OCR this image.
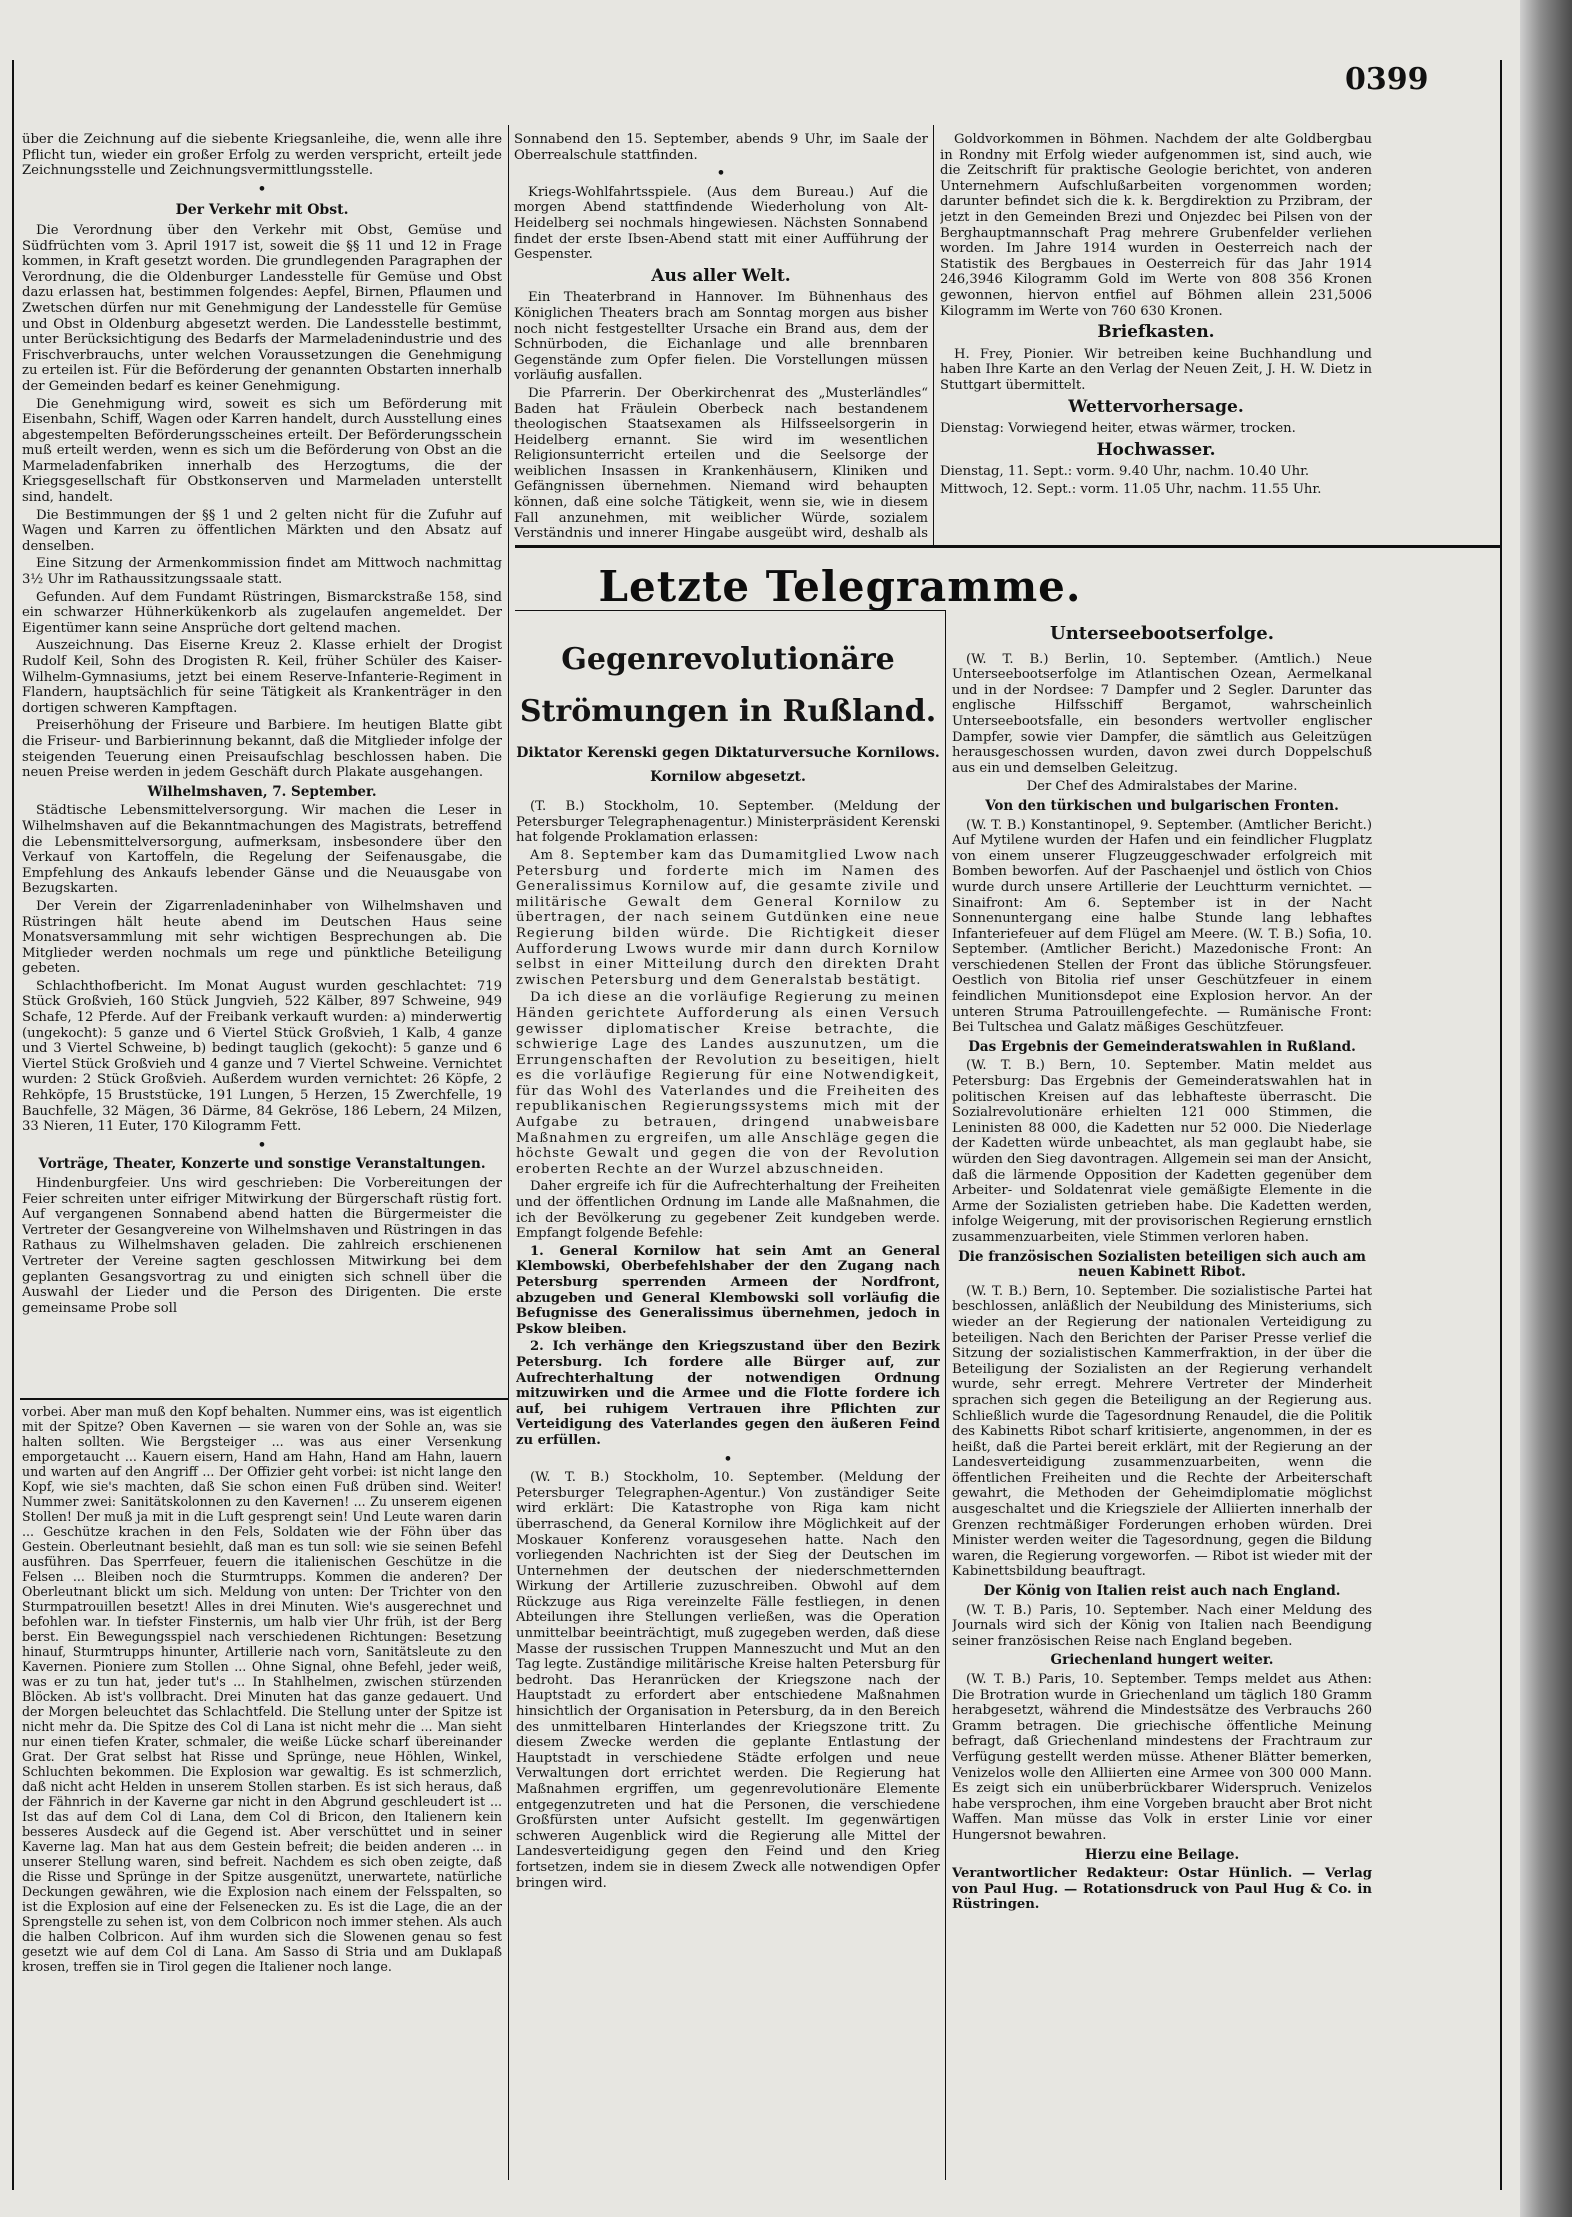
0399

über die Zeichnung auf die siebente Kriegsanleihe, die, wenn alle ihre Pflicht tun, wieder ein großer Erfolg zu werden verspricht, erteilt jede Zeichnungsstelle und Zeichnungsvermittlungsstelle.

•
Der Verkehr mit Obst.

Die Verordnung über den Verkehr mit Obst, Gemüse und Südfrüchten vom 3. April 1917 ist, soweit die §§ 11 und 12 in Frage kommen, in Kraft gesetzt worden. Die grundlegenden Paragraphen der Verordnung, die die Oldenburger Landesstelle für Gemüse und Obst dazu erlassen hat, bestimmen folgendes: Aepfel, Birnen, Pflaumen und Zwetschen dürfen nur mit Genehmigung der Landesstelle für Gemüse und Obst in Oldenburg abgesetzt werden. Die Landesstelle bestimmt, unter Berücksichtigung des Bedarfs der Marmeladenindustrie und des Frischverbrauchs, unter welchen Voraussetzungen die Genehmigung zu erteilen ist. Für die Beförderung der genannten Obstarten innerhalb der Gemeinden bedarf es keiner Genehmigung.

Die Genehmigung wird, soweit es sich um Beförderung mit Eisenbahn, Schiff, Wagen oder Karren handelt, durch Ausstellung eines abgestempelten Beförderungsscheines erteilt. Der Beförderungsschein muß erteilt werden, wenn es sich um die Beförderung von Obst an die Marmeladenfabriken innerhalb des Herzogtums, die der Kriegsgesellschaft für Obstkonserven und Marmeladen unterstellt sind, handelt.

Die Bestimmungen der §§ 1 und 2 gelten nicht für die Zufuhr auf Wagen und Karren zu öffentlichen Märkten und den Absatz auf denselben.

Eine Sitzung der Armenkommission findet am Mittwoch nachmittag 3½ Uhr im Rathaussitzungssaale statt.

Gefunden. Auf dem Fundamt Rüstringen, Bismarckstraße 158, sind ein schwarzer Hühnerkükenkorb als zugelaufen angemeldet. Der Eigentümer kann seine Ansprüche dort geltend machen.

Auszeichnung. Das Eiserne Kreuz 2. Klasse erhielt der Drogist Rudolf Keil, Sohn des Drogisten R. Keil, früher Schüler des Kaiser-Wilhelm-Gymnasiums, jetzt bei einem Reserve-Infanterie-Regiment in Flandern, hauptsächlich für seine Tätigkeit als Krankenträger in den dortigen schweren Kampftagen.

Preiserhöhung der Friseure und Barbiere. Im heutigen Blatte gibt die Friseur- und Barbierinnung bekannt, daß die Mitglieder infolge der steigenden Teuerung einen Preisaufschlag beschlossen haben. Die neuen Preise werden in jedem Geschäft durch Plakate ausgehangen.

Wilhelmshaven, 7. September.

Städtische Lebensmittelversorgung. Wir machen die Leser in Wilhelmshaven auf die Bekanntmachungen des Magistrats, betreffend die Lebensmittelversorgung, aufmerksam, insbesondere über den Verkauf von Kartoffeln, die Regelung der Seifenausgabe, die Empfehlung des Ankaufs lebender Gänse und die Neuausgabe von Bezugskarten.

Der Verein der Zigarrenladeninhaber von Wilhelmshaven und Rüstringen hält heute abend im Deutschen Haus seine Monatsversammlung mit sehr wichtigen Besprechungen ab. Die Mitglieder werden nochmals um rege und pünktliche Beteiligung gebeten.

Schlachthofbericht. Im Monat August wurden geschlachtet: 719 Stück Großvieh, 160 Stück Jungvieh, 522 Kälber, 897 Schweine, 949 Schafe, 12 Pferde. Auf der Freibank verkauft wurden: a) minderwertig (ungekocht): 5 ganze und 6 Viertel Stück Großvieh, 1 Kalb, 4 ganze und 3 Viertel Schweine, b) bedingt tauglich (gekocht): 5 ganze und 6 Viertel Stück Großvieh und 4 ganze und 7 Viertel Schweine. Vernichtet wurden: 2 Stück Großvieh. Außerdem wurden vernichtet: 26 Köpfe, 2 Rehköpfe, 15 Bruststücke, 191 Lungen, 5 Herzen, 15 Zwerchfelle, 19 Bauchfelle, 32 Mägen, 36 Därme, 84 Gekröse, 186 Lebern, 24 Milzen, 33 Nieren, 11 Euter, 170 Kilogramm Fett.

•
Vorträge, Theater, Konzerte und sonstige Veranstaltungen.

Hindenburgfeier. Uns wird geschrieben: Die Vorbereitungen der Feier schreiten unter eifriger Mitwirkung der Bürgerschaft rüstig fort. Auf vergangenen Sonnabend abend hatten die Bürgermeister die Vertreter der Gesangvereine von Wilhelmshaven und Rüstringen in das Rathaus zu Wilhelmshaven geladen. Die zahlreich erschienenen Vertreter der Vereine sagten geschlossen Mitwirkung bei dem geplanten Gesangsvortrag zu und einigten sich schnell über die Auswahl der Lieder und die Person des Dirigenten. Die erste gemeinsame Probe soll

vorbei. Aber man muß den Kopf behalten. Nummer eins, was ist eigentlich mit der Spitze? Oben Kavernen — sie waren von der Sohle an, was sie halten sollten. Wie Bergsteiger ... was aus einer Versenkung emporgetaucht ... Kauern eisern, Hand am Hahn, Hand am Hahn, lauern und warten auf den Angriff ... Der Offizier geht vorbei: ist nicht lange den Kopf, wie sie's machten, daß Sie schon einen Fuß drüben sind. Weiter! Nummer zwei: Sanitätskolonnen zu den Kavernen! ... Zu unserem eigenen Stollen! Der muß ja mit in die Luft gesprengt sein! Und Leute waren darin ... Geschütze krachen in den Fels, Soldaten wie der Föhn über das Gestein. Oberleutnant besiehlt, daß man es tun soll: wie sie seinen Befehl ausführen. Das Sperrfeuer, feuern die italienischen Geschütze in die Felsen ... Bleiben noch die Sturmtrupps. Kommen die anderen? Der Oberleutnant blickt um sich. Meldung von unten: Der Trichter von den Sturmpatrouillen besetzt! Alles in drei Minuten. Wie's ausgerechnet und befohlen war. In tiefster Finsternis, um halb vier Uhr früh, ist der Berg berst. Ein Bewegungsspiel nach verschiedenen Richtungen: Besetzung hinauf, Sturmtrupps hinunter, Artillerie nach vorn, Sanitätsleute zu den Kavernen. Pioniere zum Stollen ... Ohne Signal, ohne Befehl, jeder weiß, was er zu tun hat, jeder tut's ... In Stahlhelmen, zwischen stürzenden Blöcken. Ab ist's vollbracht. Drei Minuten hat das ganze gedauert. Und der Morgen beleuchtet das Schlachtfeld. Die Stellung unter der Spitze ist nicht mehr da. Die Spitze des Col di Lana ist nicht mehr die ... Man sieht nur einen tiefen Krater, schmaler, die weiße Lücke scharf übereinander Grat. Der Grat selbst hat Risse und Sprünge, neue Höhlen, Winkel, Schluchten bekommen. Die Explosion war gewaltig. Es ist schmerzlich, daß nicht acht Helden in unserem Stollen starben. Es ist sich heraus, daß der Fähnrich in der Kaverne gar nicht in den Abgrund geschleudert ist ... Ist das auf dem Col di Lana, dem Col di Bricon, den Italienern kein besseres Ausdeck auf die Gegend ist. Aber verschüttet und in seiner Kaverne lag. Man hat aus dem Gestein befreit; die beiden anderen ... in unserer Stellung waren, sind befreit. Nachdem es sich oben zeigte, daß die Risse und Sprünge in der Spitze ausgenützt, unerwartete, natürliche Deckungen gewähren, wie die Explosion nach einem der Felsspalten, so ist die Explosion auf eine der Felsenecken zu. Es ist die Lage, die an der Sprengstelle zu sehen ist, von dem Colbricon noch immer stehen. Als auch die halben Colbricon. Auf ihm wurden sich die Slowenen genau so fest gesetzt wie auf dem Col di Lana. Am Sasso di Stria und am Duklapaß krosen, treffen sie in Tirol gegen die Italiener noch lange.

Sonnabend den 15. September, abends 9 Uhr, im Saale der Oberrealschule stattfinden.

•

Kriegs-Wohlfahrtsspiele. (Aus dem Bureau.) Auf die morgen Abend stattfindende Wiederholung von Alt-Heidelberg sei nochmals hingewiesen. Nächsten Sonnabend findet der erste Ibsen-Abend statt mit einer Aufführung der Gespenster.

Aus aller Welt.

Ein Theaterbrand in Hannover. Im Bühnenhaus des Königlichen Theaters brach am Sonntag morgen aus bisher noch nicht festgestellter Ursache ein Brand aus, dem der Schnürboden, die Eichanlage und alle brennbaren Gegenstände zum Opfer fielen. Die Vorstellungen müssen vorläufig ausfallen.

Die Pfarrerin. Der Oberkirchenrat des „Musterländles“ Baden hat Fräulein Oberbeck nach bestandenem theologischen Staatsexamen als Hilfsseelsorgerin in Heidelberg ernannt. Sie wird im wesentlichen Religionsunterricht erteilen und die Seelsorge der weiblichen Insassen in Krankenhäusern, Kliniken und Gefängnissen übernehmen. Niemand wird behaupten können, daß eine solche Tätigkeit, wenn sie, wie in diesem Fall anzunehmen, mit weiblicher Würde, sozialem Verständnis und innerer Hingabe ausgeübt wird, deshalb als

Goldvorkommen in Böhmen. Nachdem der alte Goldbergbau in Rondny mit Erfolg wieder aufgenommen ist, sind auch, wie die Zeitschrift für praktische Geologie berichtet, von anderen Unternehmern Aufschlußarbeiten vorgenommen worden; darunter befindet sich die k. k. Bergdirektion zu Przibram, der jetzt in den Gemeinden Brezi und Onjezdec bei Pilsen von der Berghauptmannschaft Prag mehrere Grubenfelder verliehen worden. Im Jahre 1914 wurden in Oesterreich nach der Statistik des Bergbaues in Oesterreich für das Jahr 1914 246,3946 Kilogramm Gold im Werte von 808 356 Kronen gewonnen, hiervon entfiel auf Böhmen allein 231,5006 Kilogramm im Werte von 760 630 Kronen.

Briefkasten.

H. Frey, Pionier. Wir betreiben keine Buchhandlung und haben Ihre Karte an den Verlag der Neuen Zeit, J. H. W. Dietz in Stuttgart übermittelt.

Wettervorhersage.

Dienstag: Vorwiegend heiter, etwas wärmer, trocken.

Hochwasser.

Dienstag, 11. Sept.: vorm. 9.40 Uhr, nachm. 10.40 Uhr.

Mittwoch, 12. Sept.: vorm. 11.05 Uhr, nachm. 11.55 Uhr.

Letzte Telegramme.
Gegenrevolutionäre Strömungen in Rußland.
Diktator Kerenski gegen Diktaturversuche Kornilows.
Kornilow abgesetzt.

(T. B.) Stockholm, 10. September. (Meldung der Petersburger Telegraphenagentur.) Ministerpräsident Kerenski hat folgende Proklamation erlassen:

Am 8. September kam das Dumamitglied Lwow nach Petersburg und forderte mich im Namen des Generalissimus Kornilow auf, die gesamte zivile und militärische Gewalt dem General Kornilow zu übertragen, der nach seinem Gutdünken eine neue Regierung bilden würde. Die Richtigkeit dieser Aufforderung Lwows wurde mir dann durch Kornilow selbst in einer Mitteilung durch den direkten Draht zwischen Petersburg und dem Generalstab bestätigt.

Da ich diese an die vorläufige Regierung zu meinen Händen gerichtete Aufforderung als einen Versuch gewisser diplomatischer Kreise betrachte, die schwierige Lage des Landes auszunutzen, um die Errungenschaften der Revolution zu beseitigen, hielt es die vorläufige Regierung für eine Notwendigkeit, für das Wohl des Vaterlandes und die Freiheiten des republikanischen Regierungssystems mich mit der Aufgabe zu betrauen, dringend unabweisbare Maßnahmen zu ergreifen, um alle Anschläge gegen die höchste Gewalt und gegen die von der Revolution eroberten Rechte an der Wurzel abzuschneiden.

Daher ergreife ich für die Aufrechterhaltung der Freiheiten und der öffentlichen Ordnung im Lande alle Maßnahmen, die ich der Bevölkerung zu gegebener Zeit kundgeben werde. Empfangt folgende Befehle:

1. General Kornilow hat sein Amt an General Klembowski, Oberbefehlshaber der den Zugang nach Petersburg sperrenden Armeen der Nordfront, abzugeben und General Klembowski soll vorläufig die Befugnisse des Generalissimus übernehmen, jedoch in Pskow bleiben.

2. Ich verhänge den Kriegszustand über den Bezirk Petersburg. Ich fordere alle Bürger auf, zur Aufrechterhaltung der notwendigen Ordnung mitzuwirken und die Armee und die Flotte fordere ich auf, bei ruhigem Vertrauen ihre Pflichten zur Verteidigung des Vaterlandes gegen den äußeren Feind zu erfüllen.

•

(W. T. B.) Stockholm, 10. September. (Meldung der Petersburger Telegraphen-Agentur.) Von zuständiger Seite wird erklärt: Die Katastrophe von Riga kam nicht überraschend, da General Kornilow ihre Möglichkeit auf der Moskauer Konferenz vorausgesehen hatte. Nach den vorliegenden Nachrichten ist der Sieg der Deutschen im Unternehmen der deutschen der niederschmetternden Wirkung der Artillerie zuzuschreiben. Obwohl auf dem Rückzuge aus Riga vereinzelte Fälle festliegen, in denen Abteilungen ihre Stellungen verließen, was die Operation unmittelbar beeinträchtigt, muß zugegeben werden, daß diese Masse der russischen Truppen Manneszucht und Mut an den Tag legte. Zuständige militärische Kreise halten Petersburg für bedroht. Das Heranrücken der Kriegszone nach der Hauptstadt zu erfordert aber entschiedene Maßnahmen hinsichtlich der Organisation in Petersburg, da in den Bereich des unmittelbaren Hinterlandes der Kriegszone tritt. Zu diesem Zwecke werden die geplante Entlastung der Hauptstadt in verschiedene Städte erfolgen und neue Verwaltungen dort errichtet werden. Die Regierung hat Maßnahmen ergriffen, um gegenrevolutionäre Elemente entgegenzutreten und hat die Personen, die verschiedene Großfürsten unter Aufsicht gestellt. Im gegenwärtigen schweren Augenblick wird die Regierung alle Mittel der Landesverteidigung gegen den Feind und den Krieg fortsetzen, indem sie in diesem Zweck alle notwendigen Opfer bringen wird.

Unterseebootserfolge.

(W. T. B.) Berlin, 10. September. (Amtlich.) Neue Unterseebootserfolge im Atlantischen Ozean, Aermelkanal und in der Nordsee: 7 Dampfer und 2 Segler. Darunter das englische Hilfsschiff Bergamot, wahrscheinlich Unterseebootsfalle, ein besonders wertvoller englischer Dampfer, sowie vier Dampfer, die sämtlich aus Geleitzügen herausgeschossen wurden, davon zwei durch Doppelschuß aus ein und demselben Geleitzug.

Der Chef des Admiralstabes der Marine.
Von den türkischen und bulgarischen Fronten.

(W. T. B.) Konstantinopel, 9. September. (Amtlicher Bericht.) Auf Mytilene wurden der Hafen und ein feindlicher Flugplatz von einem unserer Flugzeuggeschwader erfolgreich mit Bomben beworfen. Auf der Paschaenjel und östlich von Chios wurde durch unsere Artillerie der Leuchtturm vernichtet. — Sinaifront: Am 6. September ist in der Nacht Sonnenuntergang eine halbe Stunde lang lebhaftes Infanteriefeuer auf dem Flügel am Meere. (W. T. B.) Sofia, 10. September. (Amtlicher Bericht.) Mazedonische Front: An verschiedenen Stellen der Front das übliche Störungsfeuer. Oestlich von Bitolia rief unser Geschützfeuer in einem feindlichen Munitionsdepot eine Explosion hervor. An der unteren Struma Patrouillengefechte. — Rumänische Front: Bei Tultschea und Galatz mäßiges Geschützfeuer.

Das Ergebnis der Gemeinderatswahlen in Rußland.

(W. T. B.) Bern, 10. September. Matin meldet aus Petersburg: Das Ergebnis der Gemeinderatswahlen hat in politischen Kreisen auf das lebhafteste überrascht. Die Sozialrevolutionäre erhielten 121 000 Stimmen, die Leninisten 88 000, die Kadetten nur 52 000. Die Niederlage der Kadetten würde unbeachtet, als man geglaubt habe, sie würden den Sieg davontragen. Allgemein sei man der Ansicht, daß die lärmende Opposition der Kadetten gegenüber dem Arbeiter- und Soldatenrat viele gemäßigte Elemente in die Arme der Sozialisten getrieben habe. Die Kadetten werden, infolge Weigerung, mit der provisorischen Regierung ernstlich zusammenzuarbeiten, viele Stimmen verloren haben.

Die französischen Sozialisten beteiligen sich auch am neuen Kabinett Ribot.

(W. T. B.) Bern, 10. September. Die sozialistische Partei hat beschlossen, anläßlich der Neubildung des Ministeriums, sich wieder an der Regierung der nationalen Verteidigung zu beteiligen. Nach den Berichten der Pariser Presse verlief die Sitzung der sozialistischen Kammerfraktion, in der über die Beteiligung der Sozialisten an der Regierung verhandelt wurde, sehr erregt. Mehrere Vertreter der Minderheit sprachen sich gegen die Beteiligung an der Regierung aus. Schließlich wurde die Tagesordnung Renaudel, die die Politik des Kabinetts Ribot scharf kritisierte, angenommen, in der es heißt, daß die Partei bereit erklärt, mit der Regierung an der Landesverteidigung zusammenzuarbeiten, wenn die öffentlichen Freiheiten und die Rechte der Arbeiterschaft gewahrt, die Methoden der Geheimdiplomatie möglichst ausgeschaltet und die Kriegsziele der Alliierten innerhalb der Grenzen rechtmäßiger Forderungen erhoben würden. Drei Minister werden weiter die Tagesordnung, gegen die Bildung waren, die Regierung vorgeworfen. — Ribot ist wieder mit der Kabinettsbildung beauftragt.

Der König von Italien reist auch nach England.

(W. T. B.) Paris, 10. September. Nach einer Meldung des Journals wird sich der König von Italien nach Beendigung seiner französischen Reise nach England begeben.

Griechenland hungert weiter.

(W. T. B.) Paris, 10. September. Temps meldet aus Athen: Die Brotration wurde in Griechenland um täglich 180 Gramm herabgesetzt, während die Mindestsätze des Verbrauchs 260 Gramm betragen. Die griechische öffentliche Meinung befragt, daß Griechenland mindestens der Frachtraum zur Verfügung gestellt werden müsse. Athener Blätter bemerken, Venizelos wolle den Alliierten eine Armee von 300 000 Mann. Es zeigt sich ein unüberbrückbarer Widerspruch. Venizelos habe versprochen, ihm eine Vorgeben braucht aber Brot nicht Waffen. Man müsse das Volk in erster Linie vor einer Hungersnot bewahren.

Hierzu eine Beilage.

Verantwortlicher Redakteur: Ostar Hünlich. — Verlag von Paul Hug. — Rotationsdruck von Paul Hug & Co. in Rüstringen.
